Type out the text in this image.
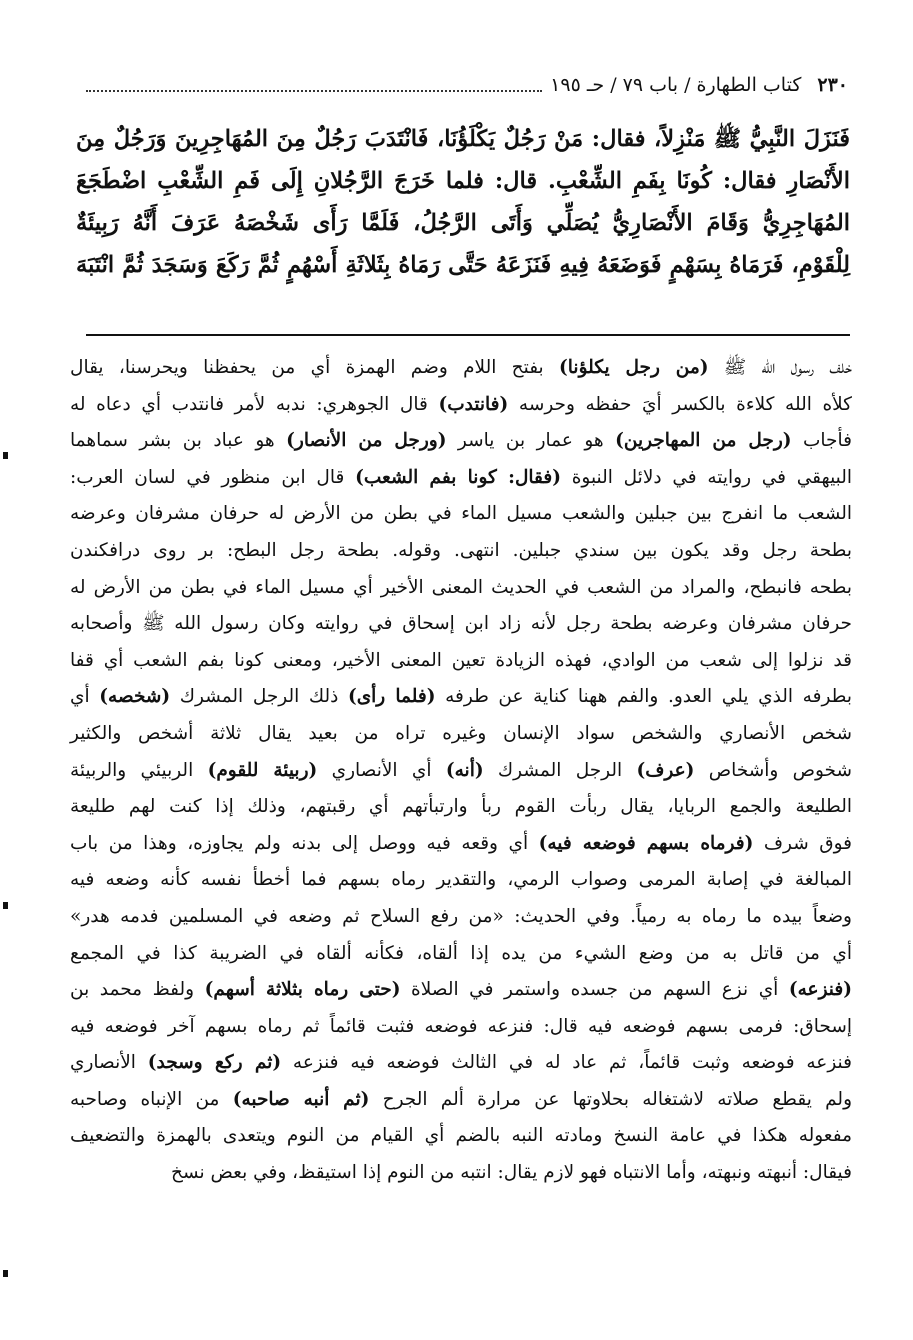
٢٣٠
كتاب الطهارة / باب ٧٩ / حـ ١٩٥
فَنَزَلَ النَّبِيُّ ﷺ مَنْزِلاً، فقال: مَنْ رَجُلٌ يَكْلَؤُنَا، فَانْتَدَبَ رَجُلٌ مِنَ المُهَاجِرِينَ وَرَجُلٌ مِنَ
الأَنْصَارِ فقال: كُونَا بِفَمِ الشِّعْبِ. قال: فلما خَرَجَ الرَّجُلانِ إِلَى فَمِ الشِّعْبِ اضْطَجَعَ
المُهَاجِرِيُّ وَقَامَ الأَنْصَارِيُّ يُصَلِّي وَأَتَى الرَّجُلُ، فَلَمَّا رَأَى شَخْصَهُ عَرَفَ أَنَّهُ رَبِيئَةٌ
لِلْقَوْمِ، فَرَمَاهُ بِسَهْمٍ فَوَضَعَهُ فِيهِ فَنَزَعَهُ حَتَّى رَمَاهُ بِثَلاثَةِ أَسْهُمٍ ثُمَّ رَكَعَ وَسَجَدَ ثُمَّ انْتَبَهَ
خلف رسول الله ﷺ (من رجل يكلؤنا) بفتح اللام وضم الهمزة أي من يحفظنا ويحرسنا، يقال
كلأه الله كلاءة بالكسر أيَ حفظه وحرسه (فانتدب) قال الجوهري: ندبه لأمر فانتدب أي دعاه له
فأجاب (رجل من المهاجرين) هو عمار بن ياسر (ورجل من الأنصار) هو عباد بن بشر سماهما
البيهقي في روايته في دلائل النبوة (فقال: كونا بفم الشعب) قال ابن منظور في لسان العرب:
الشعب ما انفرج بين جبلين والشعب مسيل الماء في بطن من الأرض له حرفان مشرفان وعرضه
بطحة رجل وقد يكون بين سندي جبلين. انتهى. وقوله. بطحة رجل البطح: بر روى درافكندن
بطحه فانبطح، والمراد من الشعب في الحديث المعنى الأخير أي مسيل الماء في بطن من الأرض له
حرفان مشرفان وعرضه بطحة رجل لأنه زاد ابن إسحاق في روايته وكان رسول الله ﷺ وأصحابه
قد نزلوا إلى شعب من الوادي، فهذه الزيادة تعين المعنى الأخير، ومعنى كونا بفم الشعب أي قفا
بطرفه الذي يلي العدو. والفم ههنا كناية عن طرفه (فلما رأى) ذلك الرجل المشرك (شخصه) أي
شخص الأنصاري والشخص سواد الإنسان وغيره تراه من بعيد يقال ثلاثة أشخص والكثير
شخوص وأشخاص (عرف) الرجل المشرك (أنه) أي الأنصاري (ربيئة للقوم) الربيئي والربيئة
الطليعة والجمع الربايا، يقال ربأت القوم ربأ وارتبأتهم أي رقبتهم، وذلك إذا كنت لهم طليعة
فوق شرف (فرماه بسهم فوضعه فيه) أي وقعه فيه ووصل إلى بدنه ولم يجاوزه، وهذا من باب
المبالغة في إصابة المرمى وصواب الرمي، والتقدير رماه بسهم فما أخطأ نفسه كأنه وضعه فيه
وضعاً بيده ما رماه به رمياً. وفي الحديث: «من رفع السلاح ثم وضعه في المسلمين فدمه هدر»
أي من قاتل به من وضع الشيء من يده إذا ألقاه، فكأنه ألقاه في الضريبة كذا في المجمع
(فنزعه) أي نزع السهم من جسده واستمر في الصلاة (حتى رماه بثلاثة أسهم) ولفظ محمد بن
إسحاق: فرمى بسهم فوضعه فيه قال: فنزعه فوضعه فثبت قائماً ثم رماه بسهم آخر فوضعه فيه
فنزعه فوضعه وثبت قائماً، ثم عاد له في الثالث فوضعه فيه فنزعه (ثم ركع وسجد) الأنصاري
ولم يقطع صلاته لاشتغاله بحلاوتها عن مرارة ألم الجرح (ثم أنبه صاحبه) من الإنباه وصاحبه
مفعوله هكذا في عامة النسخ ومادته النبه بالضم أي القيام من النوم ويتعدى بالهمزة والتضعيف
فيقال: أنبهته ونبهته، وأما الانتباه فهو لازم يقال: انتبه من النوم إذا استيقظ، وفي بعض نسخ
